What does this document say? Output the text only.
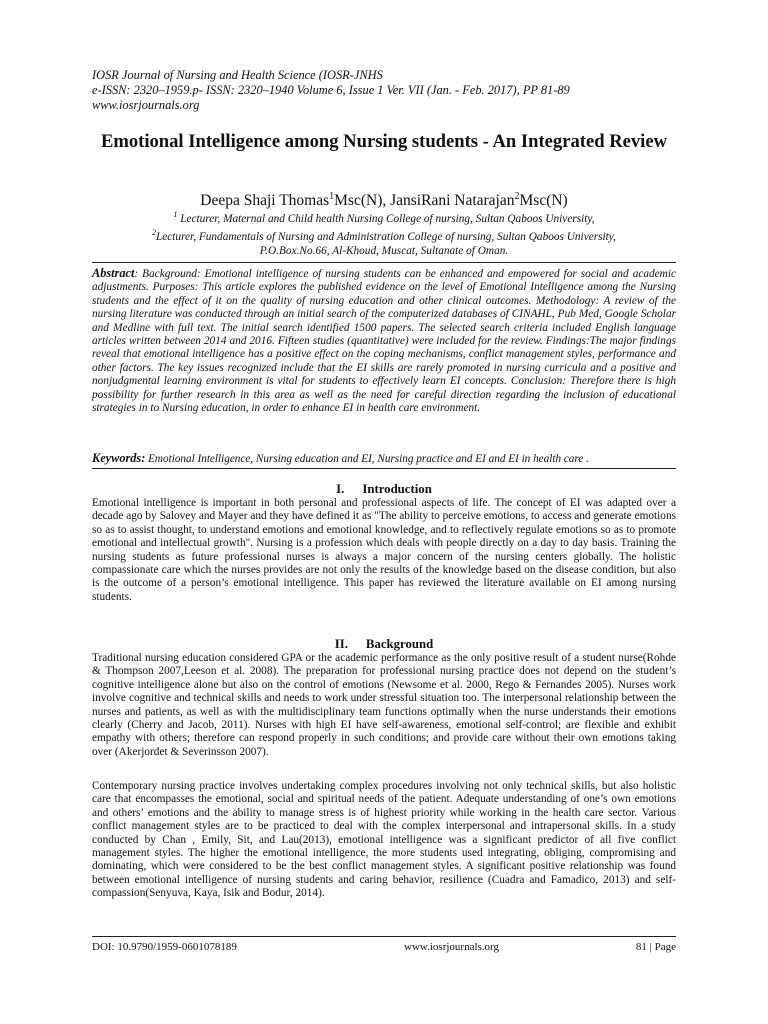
IOSR Journal of Nursing and Health Science (IOSR-JNHS
e-ISSN: 2320–1959.p- ISSN: 2320–1940 Volume 6, Issue 1 Ver. VII (Jan. - Feb. 2017), PP 81-89
www.iosrjournals.org
Emotional Intelligence among Nursing students - An Integrated Review
Deepa Shaji Thomas$^1$Msc(N), JansiRani Natarajan$^2$Msc(N)
$^1$ Lecturer, Maternal and Child health Nursing College of nursing, Sultan Qaboos University,
$^2$Lecturer, Fundamentals of Nursing and Administration College of nursing, Sultan Qaboos University,
P.O.Box.No.66, Al-Khoud, Muscat, Sultanate of Oman.
Abstract: Background: Emotional intelligence of nursing students can be enhanced and empowered for social and academic adjustments. Purposes: This article explores the published evidence on the level of Emotional Intelligence among the Nursing students and the effect of it on the quality of nursing education and other clinical outcomes. Methodology: A review of the nursing literature was conducted through an initial search of the computerized databases of CINAHL, Pub Med, Google Scholar and Medline with full text. The initial search identified 1500 papers. The selected search criteria included English language articles written between 2014 and 2016. Fifteen studies (quantitative) were included for the review. Findings:The major findings reveal that emotional intelligence has a positive effect on the coping mechanisms, conflict management styles, performance and other factors. The key issues recognized include that the EI skills are rarely promoted in nursing curricula and a positive and nonjudgmental learning environment is vital for students to effectively learn EI concepts. Conclusion: Therefore there is high possibility for further research in this area as well as the need for careful direction regarding the inclusion of educational strategies in to Nursing education, in order to enhance EI in health care environment.
Keywords: Emotional Intelligence, Nursing education and EI, Nursing practice and EI and EI in health care .
I. Introduction
Emotional intelligence is important in both personal and professional aspects of life. The concept of EI was adapted over a decade ago by Salovey and Mayer and they have defined it as "The ability to perceive emotions, to access and generate emotions so as to assist thought, to understand emotions and emotional knowledge, and to reflectively regulate emotions so as to promote emotional and intellectual growth". Nursing is a profession which deals with people directly on a day to day basis. Training the nursing students as future professional nurses is always a major concern of the nursing centers globally. The holistic compassionate care which the nurses provides are not only the results of the knowledge based on the disease condition, but also is the outcome of a person’s emotional intelligence. This paper has reviewed the literature available on EI among nursing students.
II. Background
Traditional nursing education considered GPA or the academic performance as the only positive result of a student nurse(Rohde & Thompson 2007,Leeson et al. 2008). The preparation for professional nursing practice does not depend on the student’s cognitive intelligence alone but also on the control of emotions (Newsome et al. 2000, Rego & Fernandes 2005). Nurses work involve cognitive and technical skills and needs to work under stressful situation too. The interpersonal relationship between the nurses and patients, as well as with the multidisciplinary team functions optimally when the nurse understands their emotions clearly (Cherry and Jacob, 2011). Nurses with high EI have self-awareness, emotional self-control; are flexible and exhibit empathy with others; therefore can respond properly in such conditions; and provide care without their own emotions taking over (Akerjordet & Severinsson 2007).
Contemporary nursing practice involves undertaking complex procedures involving not only technical skills, but also holistic care that encompasses the emotional, social and spiritual needs of the patient. Adequate understanding of one’s own emotions and others’ emotions and the ability to manage stress is of highest priority while working in the health care sector. Various conflict management styles are to be practiced to deal with the complex interpersonal and intrapersonal skills. In a study conducted by Chan , Emily, Sit, and Lau(2013), emotional intelligence was a significant predictor of all five conflict management styles. The higher the emotional intelligence, the more students used integrating, obliging, compromising and dominating, which were considered to be the best conflict management styles. A significant positive relationship was found between emotional intelligence of nursing students and caring behavior, resilience (Cuadra and Famadico, 2013) and self-compassion(Senyuva, Kaya, Isik and Bodur, 2014).
DOI: 10.9790/1959-0601078189	www.iosrjournals.org	81 | Page
